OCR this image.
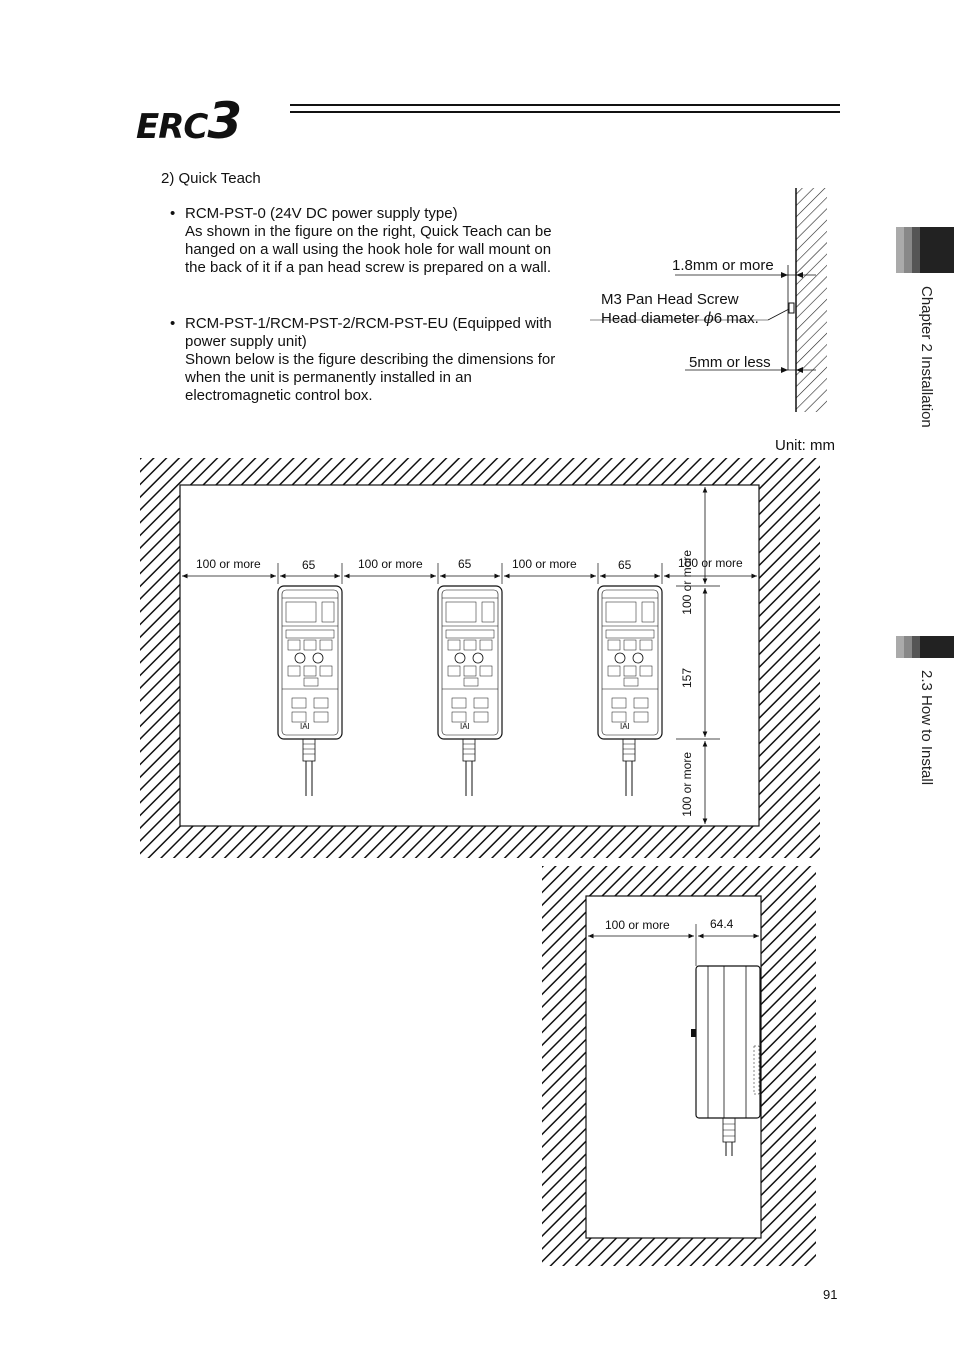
ERC3
Chapter 2 Installation
2.3 How to Install
2) Quick Teach
• RCM-PST-0 (24V DC power supply type)
As shown in the figure on the right, Quick Teach can be
hanged on a wall using the hook hole for wall mount on
the back of it if a pan head screw is prepared on a wall.
• RCM-PST-1/RCM-PST-2/RCM-PST-EU (Equipped with
power supply unit)
Shown below is the figure describing the dimensions for
when the unit is permanently installed in an
electromagnetic control box.
1.8mm or more
M3 Pan Head Screw
Head diameter ϕ6 max.
5mm or less
Unit: mm
100 or more	65	100 or more	65	100 or more	65	100 or more
100 or more
157
100 or more
IAI	IAI	IAI
100 or more	64.4
91
